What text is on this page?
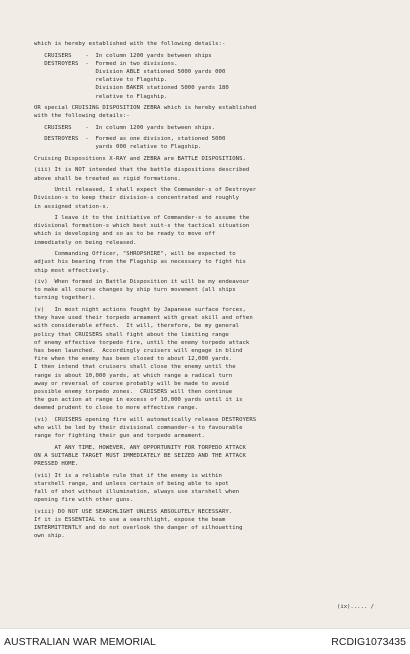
which is hereby established with the following details:-

CRUISERS    -  In column 1200 yards between ships

DESTROYERS  -  Formed in two divisions.

Division ABLE stationed 5000 yards 000

relative to Flagship.

Division BAKER stationed 5000 yards 180

relative to Flagship.

OR special CRUISING DISPOSITION ZEBRA which is hereby established

with the following details:-

CRUISERS    -  In column 1200 yards between ships.

DESTROYERS  -  Formed as one division, stationed 5000

yards 000 relative to Flagship.

Cruising Dispositions X-RAY and ZEBRA are BATTLE DISPOSITIONS.

(iii) It is NOT intended that the battle dispositions described

above shall be treated as rigid formations.

Until released, I shall expect the Commander-s of Destroyer

Division-s to keep their division-s concentrated and roughly

in assigned station-s.

I leave it to the initiative of Commander-s to assume the

divisional formation-s which best suit-s the tactical situation

which is developing and so as to be ready to move off

immediately on being released.

Commanding Officer, "SHROPSHIRE", will be expected to

adjust his bearing from the Flagship as necessary to fight his

ship most effectively.

(iv)  When formed in Battle Disposition it will be my endeavour

to make all course changes by ship turn movement (all ships

turning together).

(v)   In most night actions fought by Japanese surface forces,

they have used their torpedo armament with great skill and often

with considerable effect.  It will, therefore, be my general

policy that CRUISERS shall fight about the limiting range

of enemy effective torpedo fire, until the enemy torpedo attack

has been launched.  Accordingly cruisers will engage in blind

fire when the enemy has been closed to about 12,000 yards.

I then intend that cruisers shall close the enemy until the

range is about 10,000 yards, at which range a radical turn

away or reversal of course probably will be made to avoid

possible enemy torpedo zones.  CRUISERS will then continue

the gun action at range in excess of 10,000 yards until it is

deemed prudent to close to more effective range.

(vi)  CRUISERS opening fire will automatically release DESTROYERS

who will be led by their divisional commander-s to favourable

range for fighting their gun and torpedo armament.

AT ANY TIME, HOWEVER, ANY OPPORTUNITY FOR TORPEDO ATTACK

ON A SUITABLE TARGET MUST IMMEDIATELY BE SEIZED AND THE ATTACK

PRESSED HOME.

(vii) It is a reliable rule that if the enemy is within

starshell range, and unless certain of being able to spot

fall of shot without illumination, always use starshell when

opening fire with other guns.

(viii) DO NOT USE SEARCHLIGHT UNLESS ABSOLUTELY NECESSARY.

If it is ESSENTIAL to use a searchlight, expose the beam

INTERMITTENTLY and do not overlook the danger of silhouetting

own ship.

(ix)..... /
AUSTRALIAN WAR MEMORIAL	RCDIG1073435
